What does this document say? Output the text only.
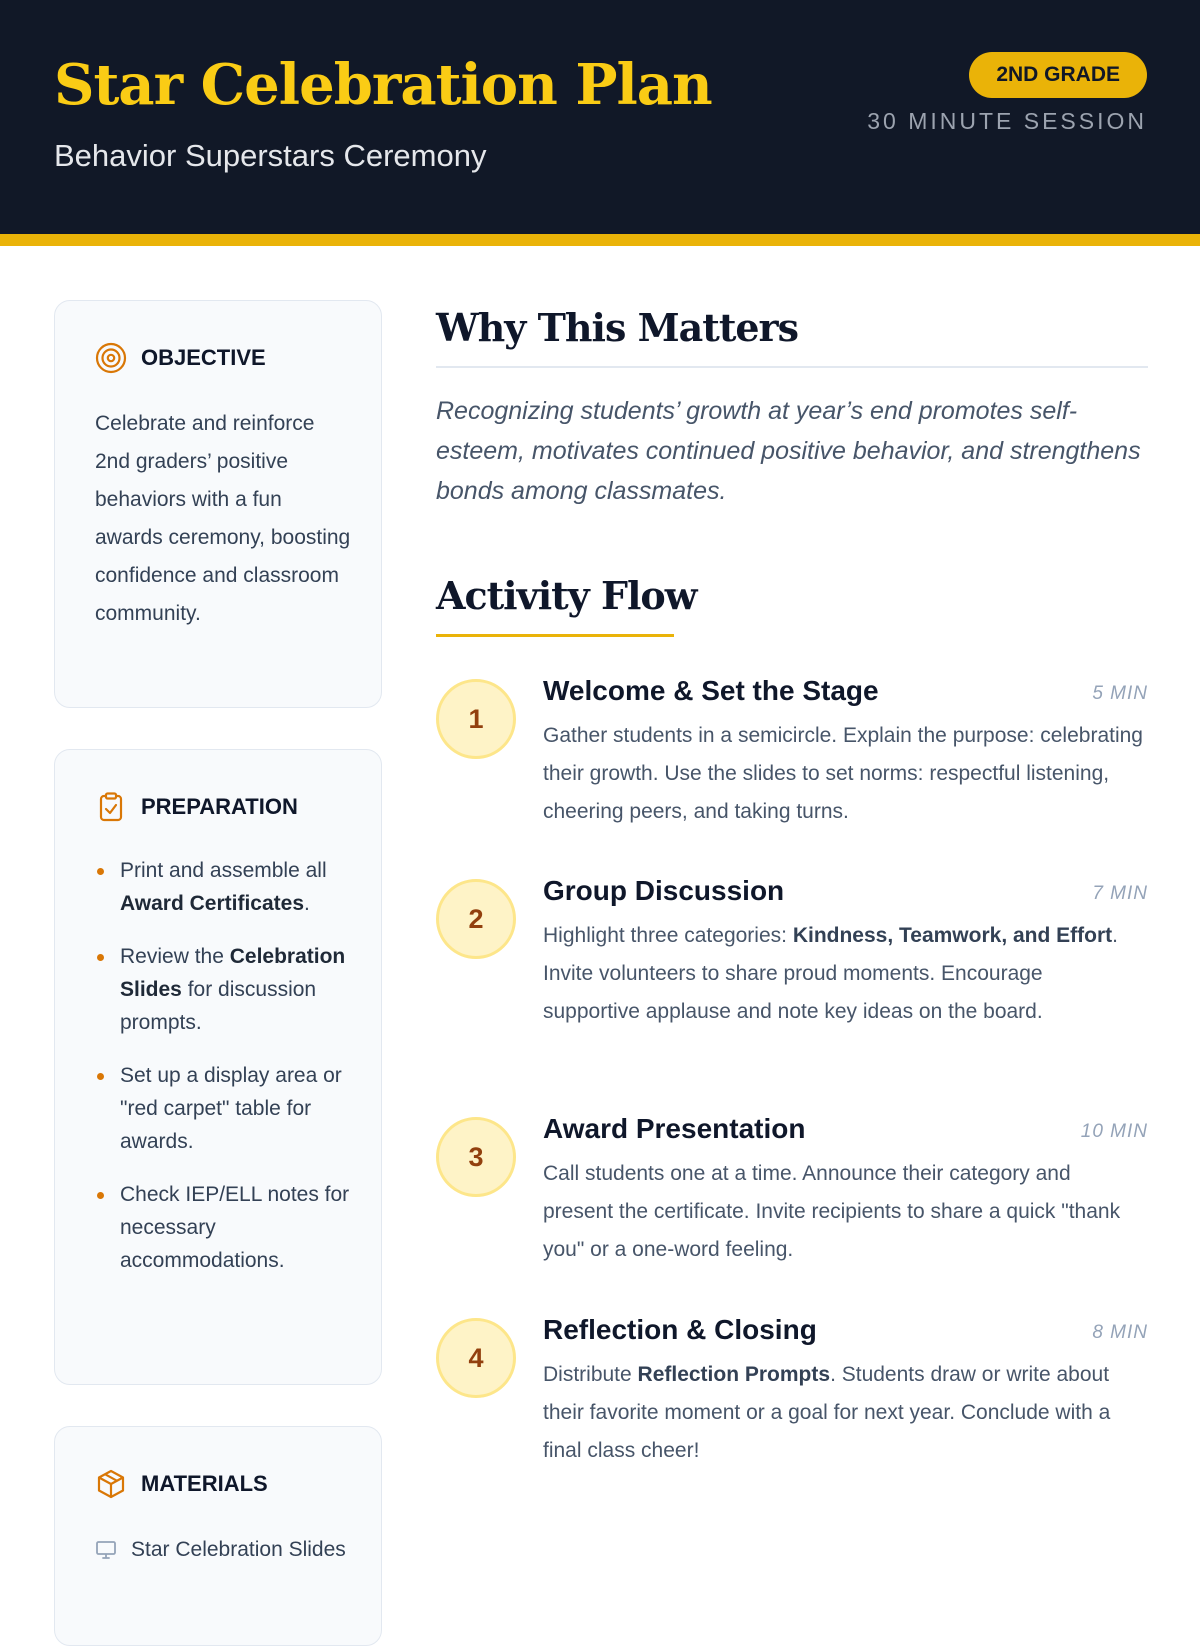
Star Celebration Plan
Behavior Superstars Ceremony
2ND GRADE
30 MINUTE SESSION
OBJECTIVE
Celebrate and reinforce 2nd graders’ positive behaviors with a fun awards ceremony, boosting confidence and classroom community.
PREPARATION
Print and assemble all Award Certificates.
Review the Celebration Slides for discussion prompts.
Set up a display area or "red carpet" table for awards.
Check IEP/ELL notes for necessary accommodations.
MATERIALS
Star Celebration Slides
Why This Matters
Recognizing students’ growth at year’s end promotes self-esteem, motivates continued positive behavior, and strengthens bonds among classmates.
Activity Flow
1
Welcome & Set the Stage	5 MIN
Gather students in a semicircle. Explain the purpose: celebrating their growth. Use the slides to set norms: respectful listening, cheering peers, and taking turns.
2
Group Discussion	7 MIN
Highlight three categories: Kindness, Teamwork, and Effort. Invite volunteers to share proud moments. Encourage supportive applause and note key ideas on the board.
3
Award Presentation	10 MIN
Call students one at a time. Announce their category and present the certificate. Invite recipients to share a quick "thank you" or a one-word feeling.
4
Reflection & Closing	8 MIN
Distribute Reflection Prompts. Students draw or write about their favorite moment or a goal for next year. Conclude with a final class cheer!
